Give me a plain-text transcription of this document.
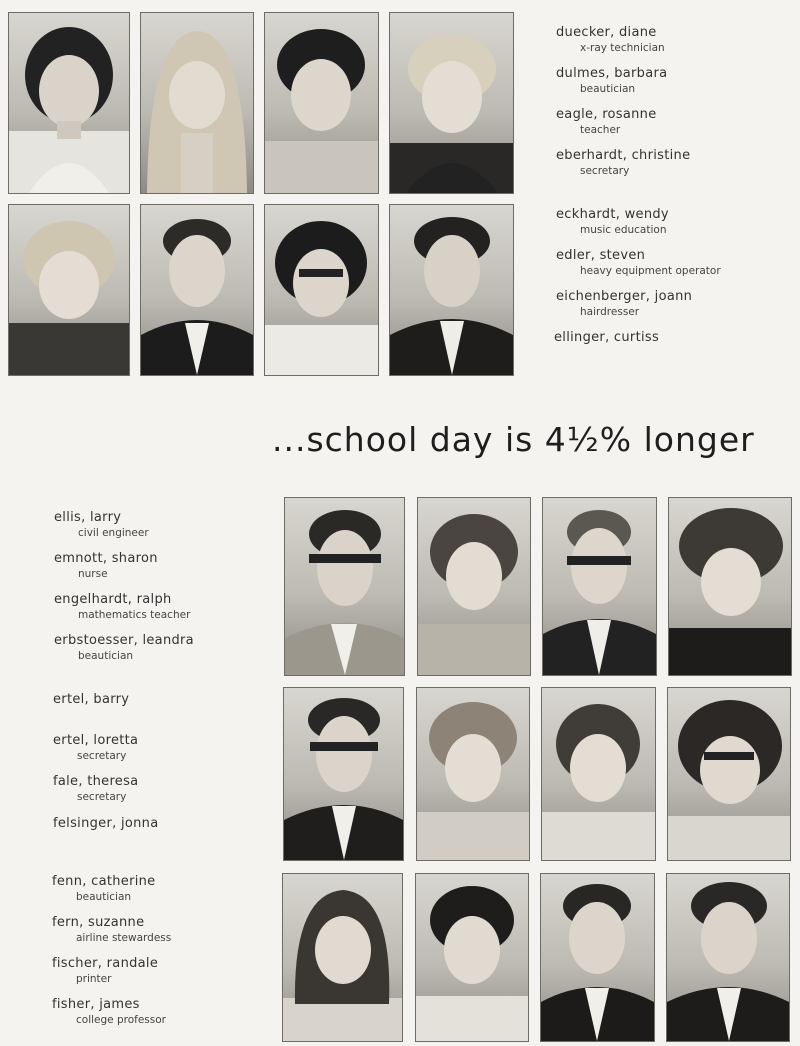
duecker, diane
x-ray technician
dulmes, barbara
beautician
eagle, rosanne
teacher
eberhardt, christine
secretary
eckhardt, wendy
music education
edler, steven
heavy equipment operator
eichenberger, joann
hairdresser
ellinger, curtiss
...school day is 4½% longer
ellis, larry
civil engineer
emnott, sharon
nurse
engelhardt, ralph
mathematics teacher
erbstoesser, leandra
beautician
ertel, barry
ertel, loretta
secretary
fale, theresa
secretary
felsinger, jonna
fenn, catherine
beautician
fern, suzanne
airline stewardess
fischer, randale
printer
fisher, james
college professor
